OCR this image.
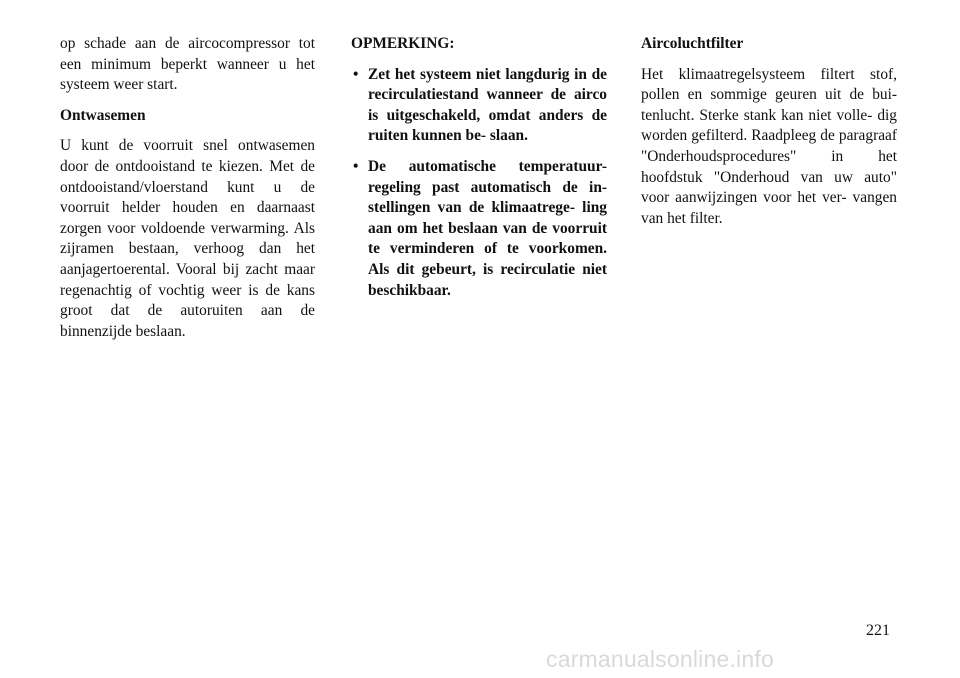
op schade aan de aircocompressor tot een minimum beperkt wanneer u het systeem weer start.

Ontwasemen

U kunt de voorruit snel ontwasemen door de ontdooistand te kiezen. Met de ontdooistand/vloerstand kunt u de voorruit helder houden en daarnaast zorgen voor voldoende verwarming. Als zijramen bestaan, verhoog dan het aanjagertoerental. Vooral bij zacht maar regenachtig of vochtig weer is de kans groot dat de autoruiten aan de binnenzijde beslaan.

OPMERKING:
• Zet het systeem niet langdurig in de recirculatiestand wanneer de airco is uitgeschakeld, omdat anders de ruiten kunnen be- slaan.
• De automatische temperatuur- regeling past automatisch de in- stellingen van de klimaatrege- ling aan om het beslaan van de voorruit te verminderen of te voorkomen. Als dit gebeurt, is recirculatie niet beschikbaar.
Aircoluchtfilter

Het klimaatregelsysteem filtert stof, pollen en sommige geuren uit de bui- tenlucht. Sterke stank kan niet volle- dig worden gefilterd. Raadpleeg de paragraaf "Onderhoudsprocedures" in het hoofdstuk "Onderhoud van uw auto" voor aanwijzingen voor het ver- vangen van het filter.

221
carmanualsonline.info
